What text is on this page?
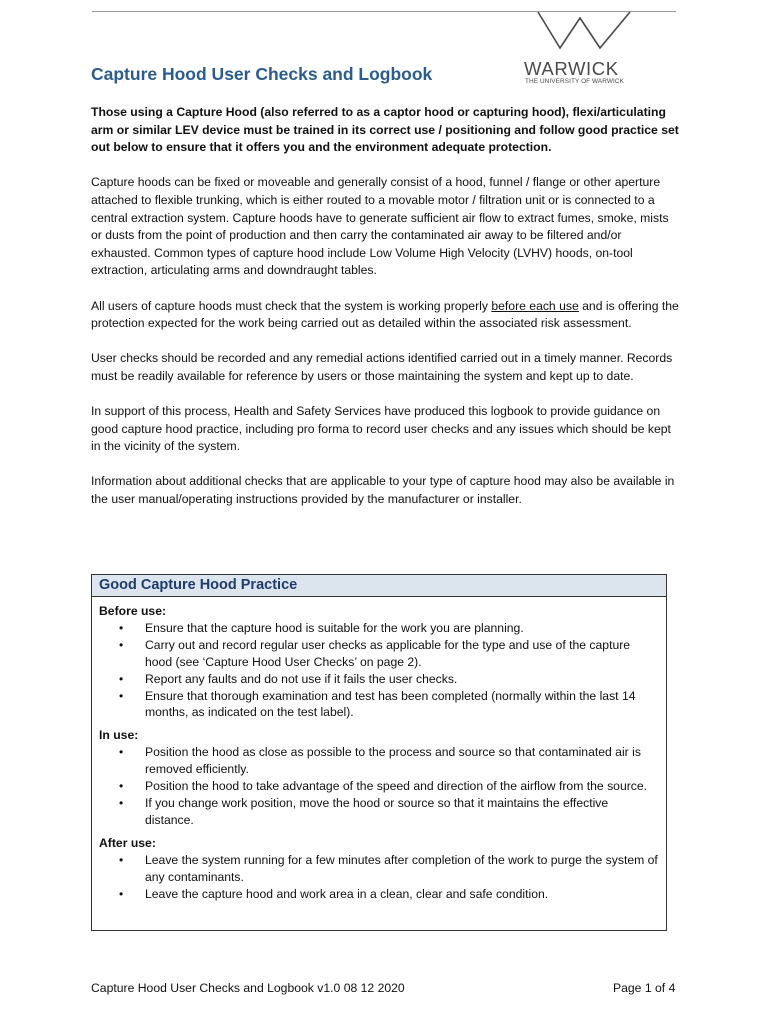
WARWICK
THE UNIVERSITY OF WARWICK
Capture Hood User Checks and Logbook

Those using a Capture Hood (also referred to as a captor hood or capturing hood), flexi/articulating arm or similar LEV device must be trained in its correct use / positioning and follow good practice set out below to ensure that it offers you and the environment adequate protection.

Capture hoods can be fixed or moveable and generally consist of a hood, funnel / flange or other aperture attached to flexible trunking, which is either routed to a movable motor / filtration unit or is connected to a central extraction system. Capture hoods have to generate sufficient air flow to extract fumes, smoke, mists or dusts from the point of production and then carry the contaminated air away to be filtered and/or exhausted. Common types of capture hood include Low Volume High Velocity (LVHV) hoods, on-tool extraction, articulating arms and downdraught tables.

All users of capture hoods must check that the system is working properly before each use and is offering the protection expected for the work being carried out as detailed within the associated risk assessment.

User checks should be recorded and any remedial actions identified carried out in a timely manner. Records must be readily available for reference by users or those maintaining the system and kept up to date.

In support of this process, Health and Safety Services have produced this logbook to provide guidance on good capture hood practice, including pro forma to record user checks and any issues which should be kept in the vicinity of the system.

Information about additional checks that are applicable to your type of capture hood may also be available in the user manual/operating instructions provided by the manufacturer or installer.

Good Capture Hood Practice
Before use:
• Ensure that the capture hood is suitable for the work you are planning.
• Carry out and record regular user checks as applicable for the type and use of the capture hood (see ‘Capture Hood User Checks’ on page 2).
• Report any faults and do not use if it fails the user checks.
• Ensure that thorough examination and test has been completed (normally within the last 14 months, as indicated on the test label).
In use:
• Position the hood as close as possible to the process and source so that contaminated air is removed efficiently.
• Position the hood to take advantage of the speed and direction of the airflow from the source.
• If you change work position, move the hood or source so that it maintains the effective distance.
After use:
• Leave the system running for a few minutes after completion of the work to purge the system of any contaminants.
• Leave the capture hood and work area in a clean, clear and safe condition.
Capture Hood User Checks and Logbook v1.0 08 12 2020	Page 1 of 4
